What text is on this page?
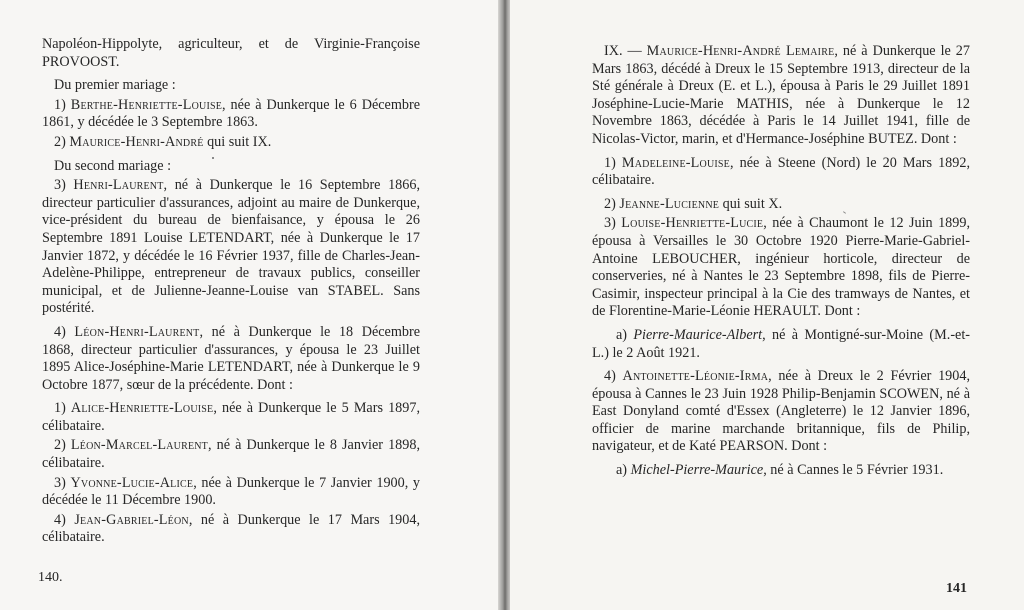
Napoléon-Hippolyte, agriculteur, et de Virginie-Françoise PROVOOST.

Du premier mariage :

1) Berthe-Henriette-Louise, née à Dunkerque le 6 Décembre 1861, y décédée le 3 Septembre 1863.

2) Maurice-Henri-André qui suit IX.

Du second mariage :

3) Henri-Laurent, né à Dunkerque le 16 Septembre 1866, directeur particulier d'assurances, adjoint au maire de Dunkerque, vice-président du bureau de bienfaisance, y épousa le 26 Septembre 1891 Louise LETENDART, née à Dunkerque le 17 Janvier 1872, y décédée le 16 Février 1937, fille de Charles-Jean-Adelène-Philippe, entrepreneur de travaux publics, conseiller municipal, et de Julienne-Jeanne-Louise van STABEL. Sans postérité.

4) Léon-Henri-Laurent, né à Dunkerque le 18 Décembre 1868, directeur particulier d'assurances, y épousa le 23 Juillet 1895 Alice-Joséphine-Marie LETENDART, née à Dunkerque le 9 Octobre 1877, sœur de la précédente. Dont :

1) Alice-Henriette-Louise, née à Dunkerque le 5 Mars 1897, célibataire.

2) Léon-Marcel-Laurent, né à Dunkerque le 8 Janvier 1898, célibataire.

3) Yvonne-Lucie-Alice, née à Dunkerque le 7 Janvier 1900, y décédée le 11 Décembre 1900.

4) Jean-Gabriel-Léon, né à Dunkerque le 17 Mars 1904, célibataire.

140.

IX. — Maurice-Henri-André Lemaire, né à Dunkerque le 27 Mars 1863, décédé à Dreux le 15 Septembre 1913, directeur de la Sté générale à Dreux (E. et L.), épousa à Paris le 29 Juillet 1891 Joséphine-Lucie-Marie MATHIS, née à Dunkerque le 12 Novembre 1863, décédée à Paris le 14 Juillet 1941, fille de Nicolas-Victor, marin, et d'Hermance-Joséphine BUTEZ. Dont :

1) Madeleine-Louise, née à Steene (Nord) le 20 Mars 1892, célibataire.

2) Jeanne-Lucienne qui suit X.

3) Louise-Henriette-Lucie, née à Chaumont le 12 Juin 1899, épousa à Versailles le 30 Octobre 1920 Pierre-Marie-Gabriel-Antoine LEBOUCHER, ingénieur horticole, directeur de conserveries, né à Nantes le 23 Septembre 1898, fils de Pierre-Casimir, inspecteur principal à la Cie des tramways de Nantes, et de Florentine-Marie-Léonie HERAULT. Dont :

a) Pierre-Maurice-Albert, né à Montigné-sur-Moine (M.-et-L.) le 2 Août 1921.

4) Antoinette-Léonie-Irma, née à Dreux le 2 Février 1904, épousa à Cannes le 23 Juin 1928 Philip-Benjamin SCOWEN, né à East Donyland comté d'Essex (Angleterre) le 12 Janvier 1896, officier de marine marchande britannique, fils de Philip, navigateur, et de Katé PEARSON. Dont :

a) Michel-Pierre-Maurice, né à Cannes le 5 Février 1931.

141
